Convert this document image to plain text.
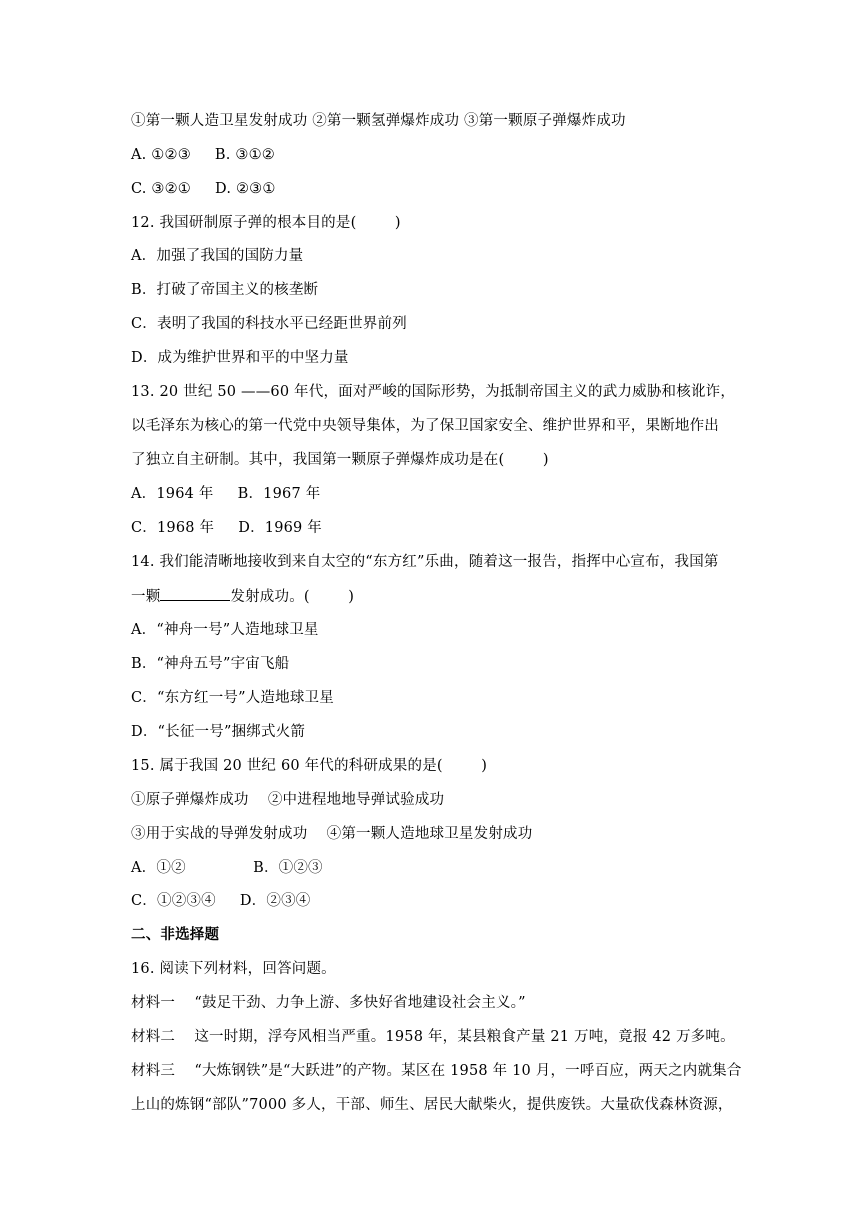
①第一颗人造卫星发射成功 ②第一颗氢弹爆炸成功 ③第一颗原子弹爆炸成功
A. ①②③     B. ③①②
C. ③②①     D. ②③①
12. 我国研制原子弹的根本目的是(        )
A．加强了我国的国防力量
B．打破了帝国主义的核垄断
C．表明了我国的科技水平已经距世界前列
D．成为维护世界和平的中坚力量
13. 20 世纪 50 ——60 年代，面对严峻的国际形势，为抵制帝国主义的武力威胁和核讹诈，
以毛泽东为核心的第一代党中央领导集体，为了保卫国家安全、维护世界和平，果断地作出
了独立自主研制。其中，我国第一颗原子弹爆炸成功是在(        )
A．1964 年     B．1967 年
C．1968 年     D．1969 年
14. 我们能清晰地接收到来自太空的“东方红”乐曲，随着这一报告，指挥中心宣布，我国第
一颗	发射成功。(        )
A．“神舟一号”人造地球卫星
B．“神舟五号”宇宙飞船
C．“东方红一号”人造地球卫星
D．“长征一号”捆绑式火箭
15. 属于我国 20 世纪 60 年代的科研成果的是(        )
①原子弹爆炸成功    ②中进程地地导弹试验成功
③用于实战的导弹发射成功    ④第一颗人造地球卫星发射成功
A．①②              B．①②③
C．①②③④     D．②③④
二、非选择题
16. 阅读下列材料，回答问题。
材料一    “鼓足干劲、力争上游、多快好省地建设社会主义。”
材料二    这一时期，浮夸风相当严重。1958 年，某县粮食产量 21 万吨，竟报 42 万多吨。
材料三    “大炼钢铁”是“大跃进”的产物。某区在 1958 年 10 月，一呼百应，两天之内就集合
上山的炼钢“部队”7000 多人，干部、师生、居民大献柴火，提供废铁。大量砍伐森林资源，
